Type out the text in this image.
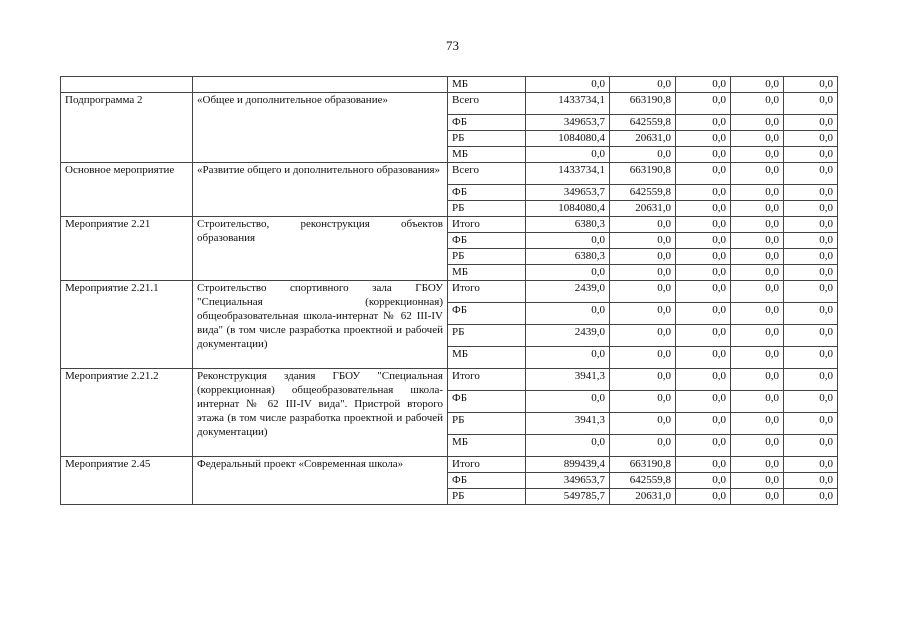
73
		МБ	0,0	0,0	0,0	0,0	0,0
Подпрограмма 2	«Общее и дополнительное образование»	Всего	1433734,1	663190,8	0,0	0,0	0,0
		ФБ	349653,7	642559,8	0,0	0,0	0,0
		РБ	1084080,4	20631,0	0,0	0,0	0,0
		МБ	0,0	0,0	0,0	0,0	0,0
Основное мероприятие	«Развитие общего и дополнительного образования»	Всего	1433734,1	663190,8	0,0	0,0	0,0
		ФБ	349653,7	642559,8	0,0	0,0	0,0
		РБ	1084080,4	20631,0	0,0	0,0	0,0
Мероприятие 2.21	Строительство, реконструкция объектов образования	Итого	6380,3	0,0	0,0	0,0	0,0
		ФБ	0,0	0,0	0,0	0,0	0,0
		РБ	6380,3	0,0	0,0	0,0	0,0
		МБ	0,0	0,0	0,0	0,0	0,0
Мероприятие 2.21.1	Строительство спортивного зала ГБОУ "Специальная (коррекционная) общеобразовательная школа-интернат № 62 III-IV вида" (в том числе разработка проектной и рабочей документации)	Итого	2439,0	0,0	0,0	0,0	0,0
		ФБ	0,0	0,0	0,0	0,0	0,0
		РБ	2439,0	0,0	0,0	0,0	0,0
		МБ	0,0	0,0	0,0	0,0	0,0
Мероприятие 2.21.2	Реконструкция здания ГБОУ "Специальная (коррекционная) общеобразовательная школа-интернат № 62 III-IV вида". Пристрой второго этажа (в том числе разработка проектной и рабочей документации)	Итого	3941,3	0,0	0,0	0,0	0,0
		ФБ	0,0	0,0	0,0	0,0	0,0
		РБ	3941,3	0,0	0,0	0,0	0,0
		МБ	0,0	0,0	0,0	0,0	0,0
Мероприятие 2.45	Федеральный проект «Современная школа»	Итого	899439,4	663190,8	0,0	0,0	0,0
		ФБ	349653,7	642559,8	0,0	0,0	0,0
		РБ	549785,7	20631,0	0,0	0,0	0,0
